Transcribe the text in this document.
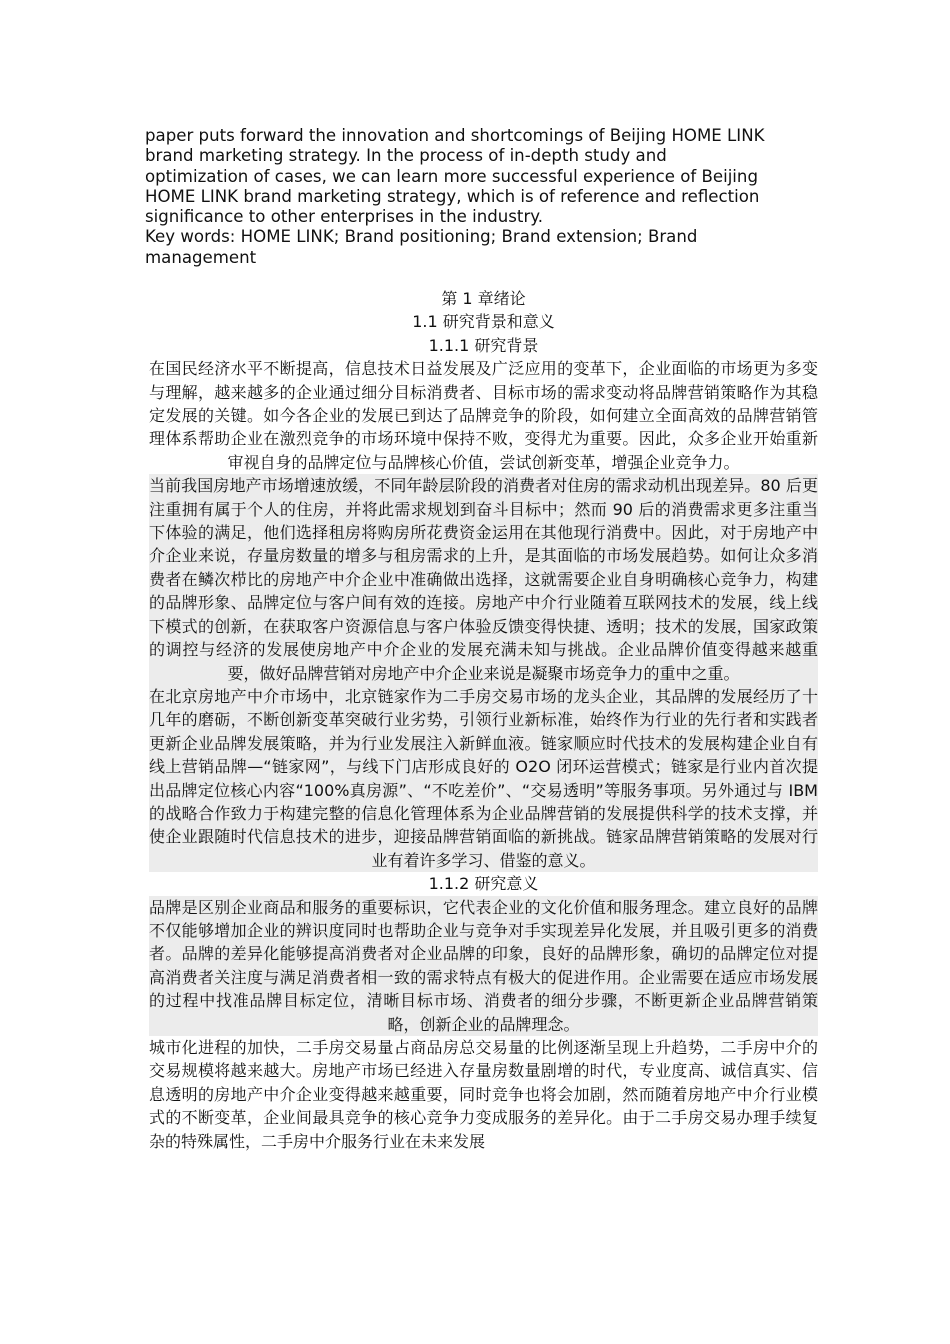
paper puts forward the innovation and shortcomings of Beijing HOME LINK
brand marketing strategy. In the process of in-depth study and
optimization of cases, we can learn more successful experience of Beijing
HOME LINK brand marketing strategy, which is of reference and reflection
significance to other enterprises in the industry.

Key words: HOME LINK; Brand positioning; Brand extension; Brand
management

第 1 章绪论

1.1 研究背景和意义

1.1.1 研究背景

在国民经济水平不断提高，信息技术日益发展及广泛应用的变革下，企业面临的市场更为多变与理解，越来越多的企业通过细分目标消费者、目标市场的需求变动将品牌营销策略作为其稳定发展的关键。如今各企业的发展已到达了品牌竞争的阶段，如何建立全面高效的品牌营销管理体系帮助企业在激烈竞争的市场环境中保持不败，变得尤为重要。因此，众多企业开始重新审视自身的品牌定位与品牌核心价值，尝试创新变革，增强企业竞争力。

当前我国房地产市场增速放缓，不同年龄层阶段的消费者对住房的需求动机出现差异。80 后更注重拥有属于个人的住房，并将此需求规划到奋斗目标中；然而 90 后的消费需求更多注重当下体验的满足，他们选择租房将购房所花费资金运用在其他现行消费中。因此，对于房地产中介企业来说，存量房数量的增多与租房需求的上升，是其面临的市场发展趋势。如何让众多消费者在鳞次栉比的房地产中介企业中准确做出选择，这就需要企业自身明确核心竞争力，构建的品牌形象、品牌定位与客户间有效的连接。房地产中介行业随着互联网技术的发展，线上线下模式的创新，在获取客户资源信息与客户体验反馈变得快捷、透明；技术的发展，国家政策的调控与经济的发展使房地产中介企业的发展充满未知与挑战。企业品牌价值变得越来越重要，做好品牌营销对房地产中介企业来说是凝聚市场竞争力的重中之重。

在北京房地产中介市场中，北京链家作为二手房交易市场的龙头企业，其品牌的发展经历了十几年的磨砺，不断创新变革突破行业劣势，引领行业新标准，始终作为行业的先行者和实践者更新企业品牌发展策略，并为行业发展注入新鲜血液。链家顺应时代技术的发展构建企业自有线上营销品牌—“链家网”，与线下门店形成良好的 O2O 闭环运营模式；链家是行业内首次提出品牌定位核心内容“100%真房源”、“不吃差价”、“交易透明”等服务事项。另外通过与 IBM 的战略合作致力于构建完整的信息化管理体系为企业品牌营销的发展提供科学的技术支撑，并使企业跟随时代信息技术的进步，迎接品牌营销面临的新挑战。链家品牌营销策略的发展对行业有着许多学习、借鉴的意义。

1.1.2 研究意义

品牌是区别企业商品和服务的重要标识，它代表企业的文化价值和服务理念。建立良好的品牌不仅能够增加企业的辨识度同时也帮助企业与竞争对手实现差异化发展，并且吸引更多的消费者。品牌的差异化能够提高消费者对企业品牌的印象，良好的品牌形象，确切的品牌定位对提高消费者关注度与满足消费者相一致的需求特点有极大的促进作用。企业需要在适应市场发展的过程中找准品牌目标定位，清晰目标市场、消费者的细分步骤，不断更新企业品牌营销策略，创新企业的品牌理念。

城市化进程的加快，二手房交易量占商品房总交易量的比例逐渐呈现上升趋势，二手房中介的交易规模将越来越大。房地产市场已经进入存量房数量剧增的时代，专业度高、诚信真实、信息透明的房地产中介企业变得越来越重要，同时竞争也将会加剧，然而随着房地产中介行业模式的不断变革，企业间最具竞争的核心竞争力变成服务的差异化。由于二手房交易办理手续复杂的特殊属性，二手房中介服务行业在未来发展
